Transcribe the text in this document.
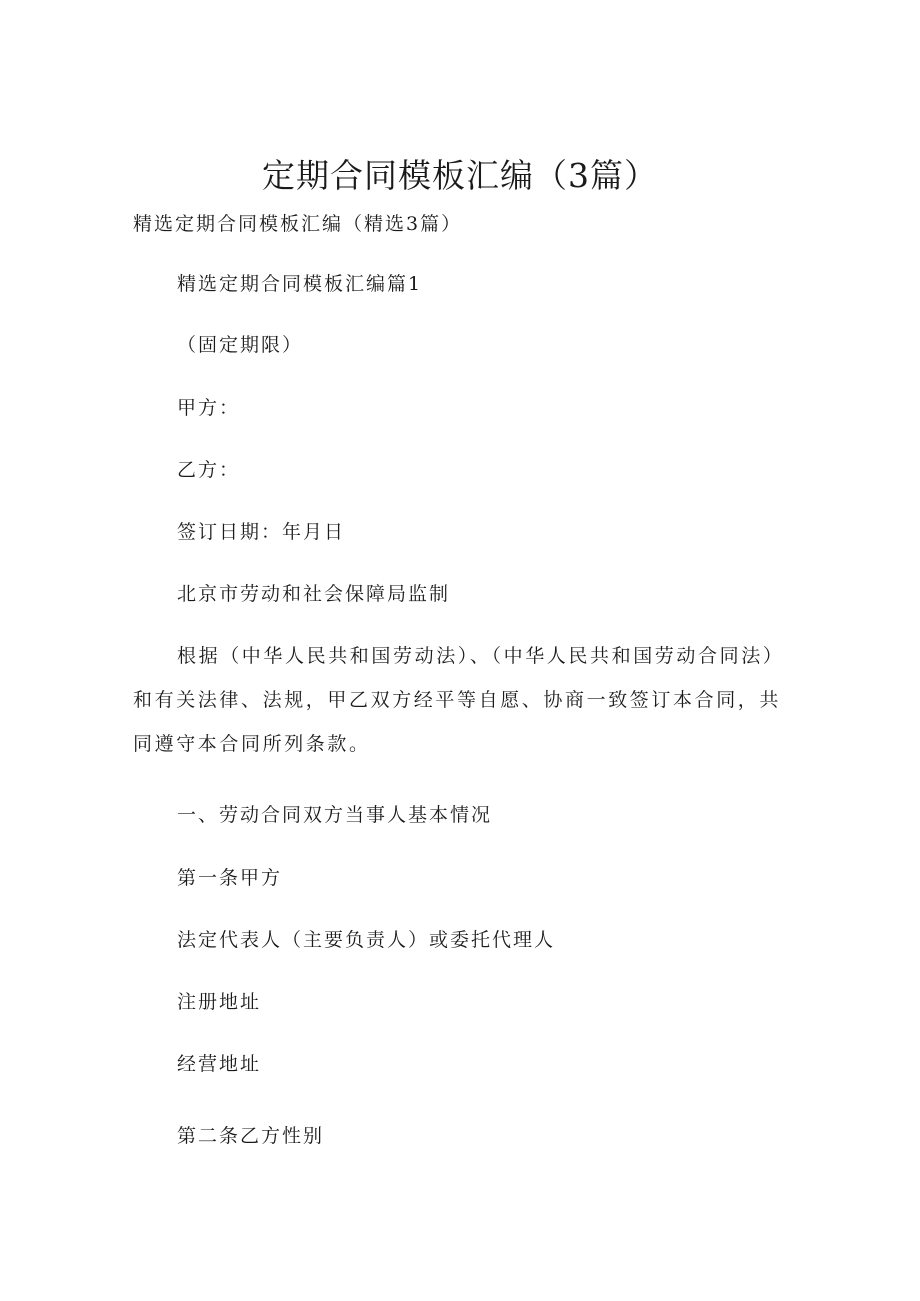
定期合同模板汇编（3篇）
精选定期合同模板汇编（精选3篇）
精选定期合同模板汇编篇1
（固定期限）
甲方：
乙方：
签订日期：年月日
北京市劳动和社会保障局监制
根据（中华人民共和国劳动法）、（中华人民共和国劳动合同法）和有关法律、法规，甲乙双方经平等自愿、协商一致签订本合同，共同遵守本合同所列条款。
一、劳动合同双方当事人基本情况
第一条甲方
法定代表人（主要负责人）或委托代理人
注册地址
经营地址
第二条乙方性别
